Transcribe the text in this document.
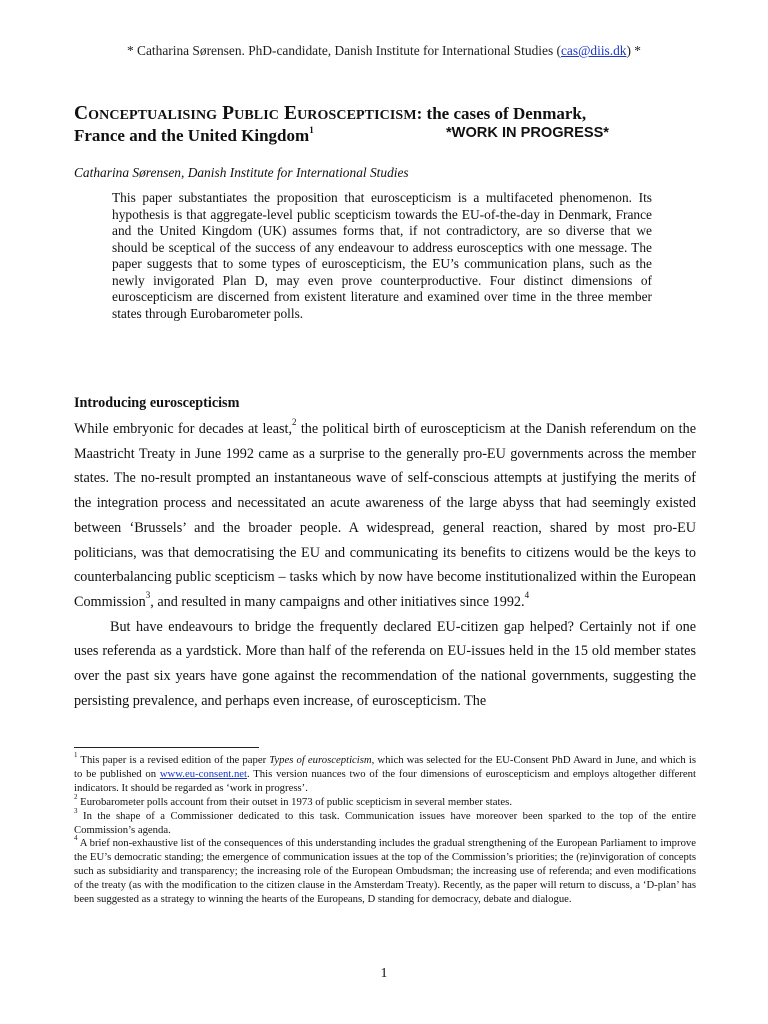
* Catharina Sørensen. PhD-candidate, Danish Institute for International Studies (cas@diis.dk) *
Conceptualising Public Euroscepticism: the cases of Denmark,
France and the United Kingdom$^1$	*WORK IN PROGRESS*
Catharina Sørensen, Danish Institute for International Studies

This paper substantiates the proposition that euroscepticism is a multifaceted phenomenon. Its hypothesis is that aggregate-level public scepticism towards the EU-of-the-day in Denmark, France and the United Kingdom (UK) assumes forms that, if not contradictory, are so diverse that we should be sceptical of the success of any endeavour to address eurosceptics with one message. The paper suggests that to some types of euroscepticism, the EU’s communication plans, such as the newly invigorated Plan D, may even prove counterproductive. Four distinct dimensions of euroscepticism are discerned from existent literature and examined over time in the three member states through Eurobarometer polls.

Introducing euroscepticism

While embryonic for decades at least,$^2$ the political birth of euroscepticism at the Danish referendum on the Maastricht Treaty in June 1992 came as a surprise to the generally pro-EU governments across the member states. The no-result prompted an instantaneous wave of self-conscious attempts at justifying the merits of the integration process and necessitated an acute awareness of the large abyss that had seemingly existed between ‘Brussels’ and the broader people. A widespread, general reaction, shared by most pro-EU politicians, was that democratising the EU and communicating its benefits to citizens would be the keys to counterbalancing public scepticism – tasks which by now have become institutionalized within the European Commission$^3$, and resulted in many campaigns and other initiatives since 1992.$^4$

But have endeavours to bridge the frequently declared EU-citizen gap helped? Certainly not if one uses referenda as a yardstick. More than half of the referenda on EU-issues held in the 15 old member states over the past six years have gone against the recommendation of the national governments, suggesting the persisting prevalence, and perhaps even increase, of euroscepticism. The

$^1$ This paper is a revised edition of the paper Types of euroscepticism, which was selected for the EU-Consent PhD Award in June, and which is to be published on www.eu-consent.net. This version nuances two of the four dimensions of euroscepticism and employs altogether different indicators. It should be regarded as ‘work in progress’.

$^2$ Eurobarometer polls account from their outset in 1973 of public scepticism in several member states.

$^3$ In the shape of a Commissioner dedicated to this task. Communication issues have moreover been sparked to the top of the entire Commission’s agenda.

$^4$ A brief non-exhaustive list of the consequences of this understanding includes the gradual strengthening of the European Parliament to improve the EU’s democratic standing; the emergence of communication issues at the top of the Commission’s priorities; the (re)invigoration of concepts such as subsidiarity and transparency; the increasing role of the European Ombudsman; the increasing use of referenda; and even modifications of the treaty (as with the modification to the citizen clause in the Amsterdam Treaty). Recently, as the paper will return to discuss, a ‘D-plan’ has been suggested as a strategy to winning the hearts of the Europeans, D standing for democracy, debate and dialogue.

1
